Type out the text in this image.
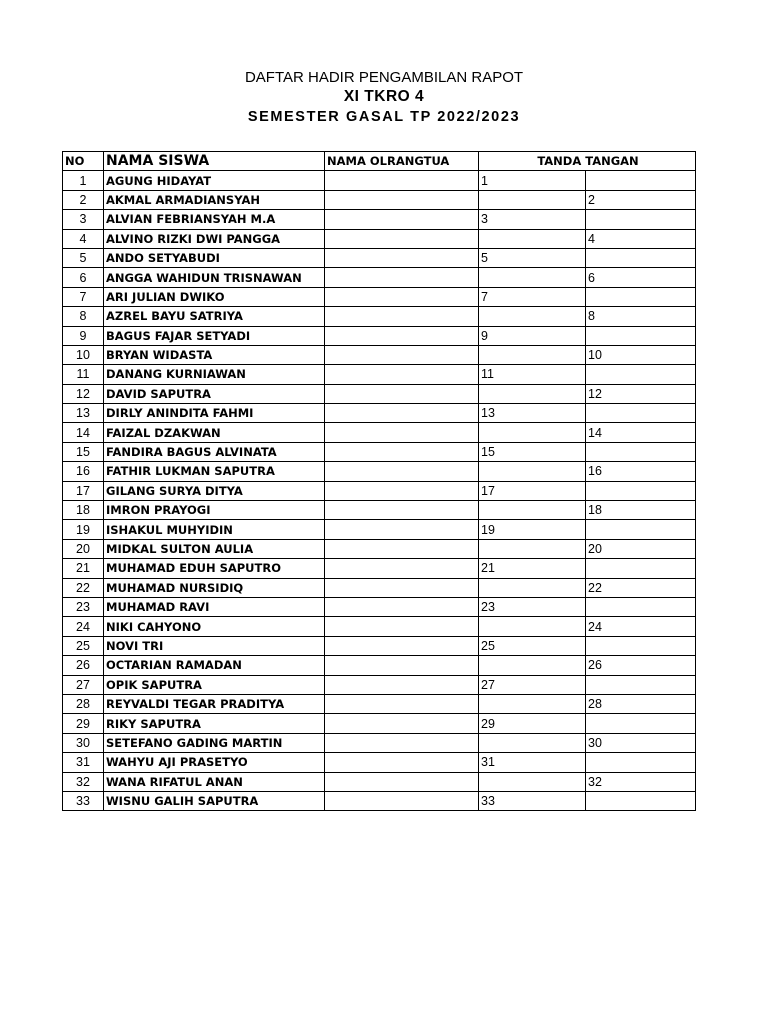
DAFTAR HADIR PENGAMBILAN RAPOT
XI TKRO 4
SEMESTER GASAL TP 2022/2023
NO	NAMA SISWA	NAMA OLRANGTUA	TANDA TANGAN	
1	AGUNG HIDAYAT		1	
2	AKMAL ARMADIANSYAH			2
3	ALVIAN FEBRIANSYAH M.A		3	
4	ALVINO RIZKI DWI PANGGA			4
5	ANDO SETYABUDI		5	
6	ANGGA WAHIDUN TRISNAWAN			6
7	ARI JULIAN DWIKO		7	
8	AZREL BAYU SATRIYA			8
9	BAGUS FAJAR SETYADI		9	
10	BRYAN WIDASTA			10
11	DANANG KURNIAWAN		11	
12	DAVID SAPUTRA			12
13	DIRLY ANINDITA FAHMI		13	
14	FAIZAL DZAKWAN			14
15	FANDIRA BAGUS ALVINATA		15	
16	FATHIR LUKMAN SAPUTRA			16
17	GILANG SURYA DITYA		17	
18	IMRON PRAYOGI			18
19	ISHAKUL MUHYIDIN		19	
20	MIDKAL SULTON AULIA			20
21	MUHAMAD EDUH SAPUTRO		21	
22	MUHAMAD NURSIDIQ			22
23	MUHAMAD RAVI		23	
24	NIKI CAHYONO			24
25	NOVI TRI		25	
26	OCTARIAN RAMADAN			26
27	OPIK SAPUTRA		27	
28	REYVALDI TEGAR PRADITYA			28
29	RIKY SAPUTRA		29	
30	SETEFANO GADING MARTIN			30
31	WAHYU AJI PRASETYO		31	
32	WANA RIFATUL ANAN			32
33	WISNU GALIH SAPUTRA		33	
